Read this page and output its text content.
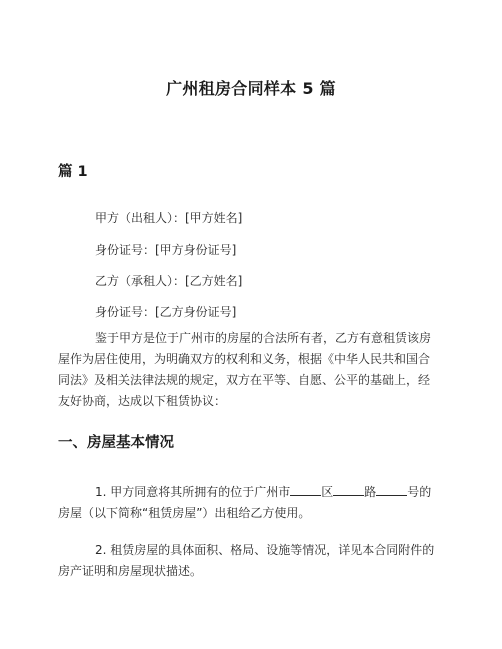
广州租房合同样本 5 篇
篇 1
甲方（出租人）：[甲方姓名]
身份证号：[甲方身份证号]
乙方（承租人）：[乙方姓名]
身份证号：[乙方身份证号]
鉴于甲方是位于广州市的房屋的合法所有者，乙方有意租赁该房
屋作为居住使用，为明确双方的权利和义务，根据《中华人民共和国合
同法》及相关法律法规的规定，双方在平等、自愿、公平的基础上，经
友好协商，达成以下租赁协议：
一、房屋基本情况
1. 甲方同意将其所拥有的位于广州市	区	路	号的
房屋（以下简称“租赁房屋”）出租给乙方使用。
2. 租赁房屋的具体面积、格局、设施等情况，详见本合同附件的
房产证明和房屋现状描述。
